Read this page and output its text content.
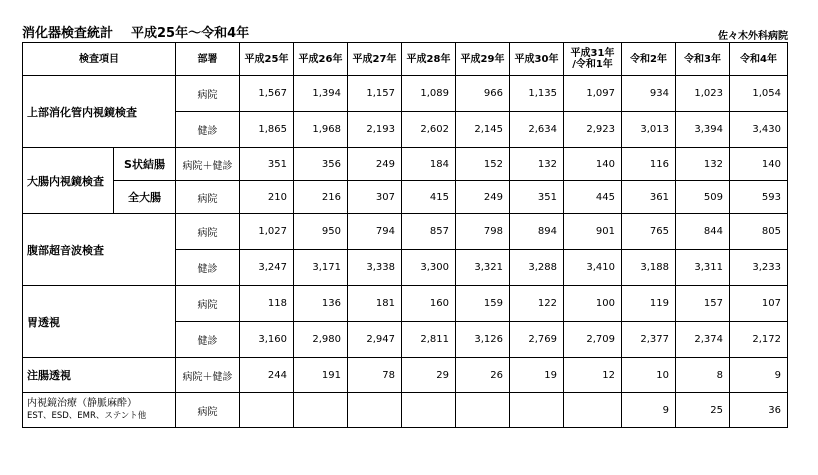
消化器検査統計 平成25年～令和4年	佐々木外科病院
検査項目		部署	平成25年	平成26年	平成27年	平成28年	平成29年	平成30年	平成31年
/令和1年	令和2年	令和3年	令和4年
上部消化管内視鏡検査		病院	1,567	1,394	1,157	1,089	966	1,135	1,097	934	1,023	1,054
		健診	1,865	1,968	2,193	2,602	2,145	2,634	2,923	3,013	3,394	3,430
大腸内視鏡検査	S状結腸	病院＋健診	351	356	249	184	152	132	140	116	132	140
	全大腸	病院	210	216	307	415	249	351	445	361	509	593
腹部超音波検査		病院	1,027	950	794	857	798	894	901	765	844	805
		健診	3,247	3,171	3,338	3,300	3,321	3,288	3,410	3,188	3,311	3,233
胃透視		病院	118	136	181	160	159	122	100	119	157	107
		健診	3,160	2,980	2,947	2,811	3,126	2,769	2,709	2,377	2,374	2,172
注腸透視		病院＋健診	244	191	78	29	26	19	12	10	8	9
内視鏡治療（静脈麻酔）
EST、ESD、EMR、ステント他		病院								9	25	36
